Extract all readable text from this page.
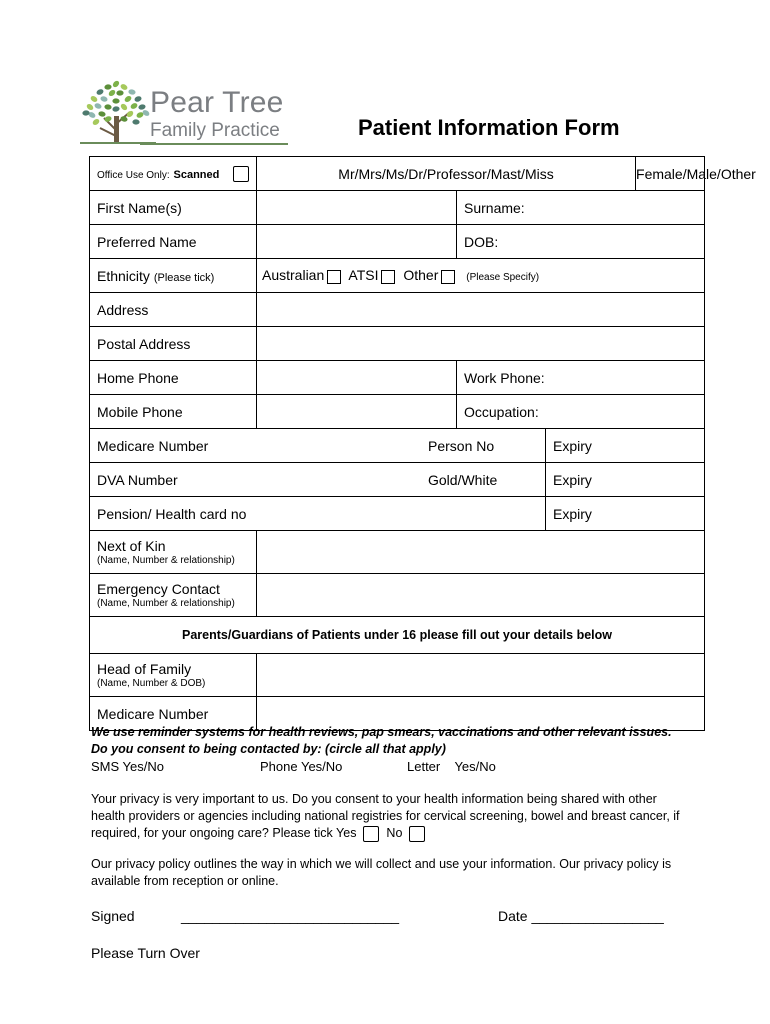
Pear Tree
Family Practice	Patient Information Form
Office Use Only: Scanned	Mr/Mrs/Ms/Dr/Professor/Mast/Miss			Female/Male/Other

First Name(s)		Surname:		
Preferred Name		DOB:		
Ethnicity (Please tick)	Australian ATSI Other (Please Specify)			
Address				
Postal Address				
Home Phone		Work Phone:		
Mobile Phone		Occupation:		
Medicare Number Person No			Expiry	
DVA Number Gold/White			Expiry	
Pension/ Health card no			Expiry	
Next of Kin
(Name, Number & relationship)				

Emergency Contact
(Name, Number & relationship)				

Parents/Guardians of Patients under 16 please fill out your details below				
Head of Family
(Name, Number & DOB)				

Medicare Number				
We use reminder systems for health reviews, pap smears, vaccinations and other relevant issues. Do you consent to being contacted by: (circle all that apply)
SMS Yes/No	Phone Yes/No	Letter    Yes/No
Your privacy is very important to us. Do you consent to your health information being shared with other health providers or agencies including national registries for cervical screening, bowel and breast cancer, if required, for your ongoing care? Please tick Yes No
Our privacy policy outlines the way in which we will collect and use your information. Our privacy policy is available from reception or online.
Signed	____________________________	Date _________________
Please Turn Over
